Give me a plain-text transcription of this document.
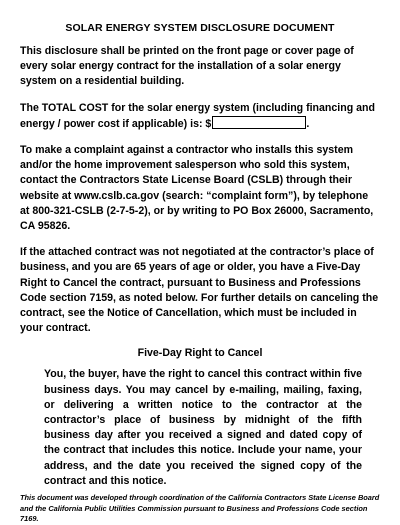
SOLAR ENERGY SYSTEM DISCLOSURE DOCUMENT

This disclosure shall be printed on the front page or cover page of every solar energy contract for the installation of a solar energy system on a residential building.

The TOTAL COST for the solar energy system (including financing and energy / power cost if applicable) is: $	.

To make a complaint against a contractor who installs this system and/or the home improvement salesperson who sold this system, contact the Contractors State License Board (CSLB) through their website at www.cslb.ca.gov (search: “complaint form”), by telephone at 800-321-CSLB (2-7-5-2), or by writing to PO Box 26000, Sacramento, CA 95826.

If the attached contract was not negotiated at the contractor’s place of business, and you are 65 years of age or older, you have a Five-Day Right to Cancel the contract, pursuant to Business and Professions Code section 7159, as noted below. For further details on canceling the contract, see the Notice of Cancellation, which must be included in your contract.

Five-Day Right to Cancel

You, the buyer, have the right to cancel this contract within five business days. You may cancel by e-mailing, mailing, faxing, or delivering a written notice to the contractor at the contractor’s place of business by midnight of the fifth business day after you received a signed and dated copy of the contract that includes this notice. Include your name, your address, and the date you received the signed copy of the contract and this notice.

This document was developed through coordination of the California Contractors State License Board and the California Public Utilities Commission pursuant to Business and Professions Code section 7169.
